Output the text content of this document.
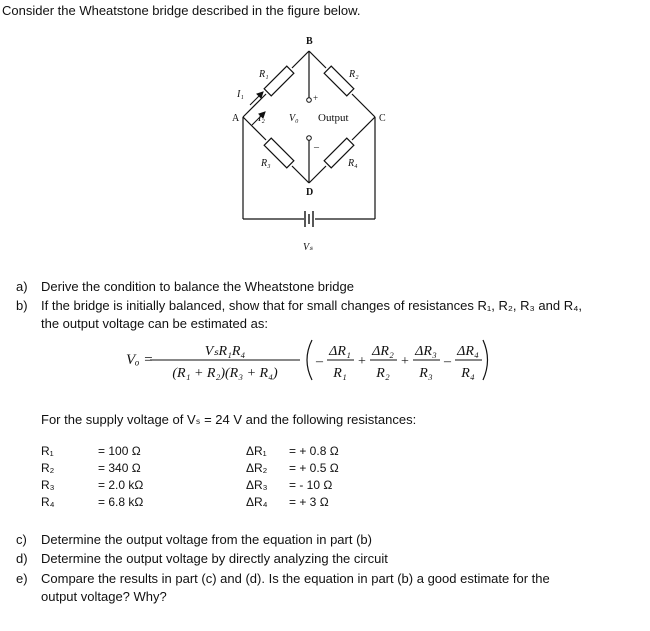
Consider the Wheatstone bridge described in the figure below.
B
A	C
D
R₁	R₂
R₃	R₄
I₁
I₂
+
–
V₀ Output
Vₛ
a) Derive the condition to balance the Wheatstone bridge
b) If the bridge is initially balanced, show that for small changes of resistances R₁, R₂, R₃ and R₄,
the output voltage can be estimated as:
Vₒ =
VₛR₁R₄
(R₁ + R₂)(R₃ + R₄)
–
ΔR₁
R₁
+
ΔR₂
R₂
+
ΔR₃
R₃
–
ΔR₄
R₄
For the supply voltage of Vₛ = 24 V and the following resistances:
R₁	= 100 Ω	ΔR₁ = + 0.8 Ω
R₂	= 340 Ω	ΔR₂ = + 0.5 Ω
R₃	= 2.0 kΩ	ΔR₃ = - 10 Ω
R₄	= 6.8 kΩ	ΔR₄ = + 3 Ω
c) Determine the output voltage from the equation in part (b)
d) Determine the output voltage by directly analyzing the circuit
e) Compare the results in part (c) and (d). Is the equation in part (b) a good estimate for the
output voltage? Why?
